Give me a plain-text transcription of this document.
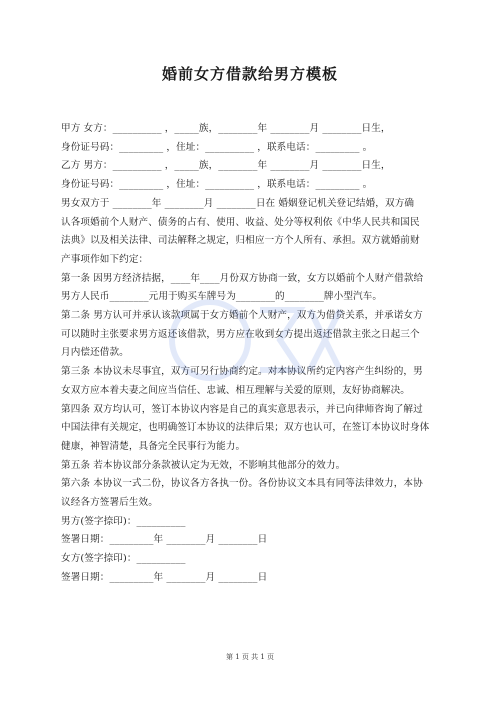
婚前女方借款给男方模板

甲方 女方：__________ ，_____族，________年 ________月 ________日生，

身份证号码：_________ ，住址：__________ ，联系电话：_________ 。

乙方 男方：__________ ，_____族，________年 ________月 ________日生，

身份证号码：_________ ，住址：__________ ，联系电话：_________ 。

男女双方于 ________年 ________月 ________日在 婚姻登记机关登记结婚，双方确

认各项婚前个人财产、债务的占有、使用、收益、处分等权利依《中华人民共和国民

法典》以及相关法律、司法解释之规定，归相应一方个人所有、承担。双方就婚前财

产事项作如下约定：

第一条 因男方经济拮据，____年____月份双方协商一致，女方以婚前个人财产借款给

男方人民币________元用于购买车牌号为________的________牌小型汽车。

第二条 男方认可并承认该款项属于女方婚前个人财产，双方为借贷关系，并承诺女方

可以随时主张要求男方返还该借款，男方应在收到女方提出返还借款主张之日起三个

月内偿还借款。

第三条 本协议未尽事宜，双方可另行协商约定。对本协议所约定内容产生纠纷的，男

女双方应本着夫妻之间应当信任、忠诚、相互理解与关爱的原则，友好协商解决。

第四条 双方均认可，签订本协议内容是自己的真实意思表示，并已向律师咨询了解过

中国法律有关规定，也明确签订本协议的法律后果；双方也认可，在签订本协议时身体

健康，神智清楚，具备完全民事行为能力。

第五条 若本协议部分条款被认定为无效，不影响其他部分的效力。

第六条 本协议一式二份，协议各方各执一份。各份协议文本具有同等法律效力，本协

议经各方签署后生效。

男方(签字捺印)：__________

签署日期：_________年 ________月 ________日

女方(签字捺印)：__________

签署日期：_________年 ________月 ________日

第 1 页 共 1 页
